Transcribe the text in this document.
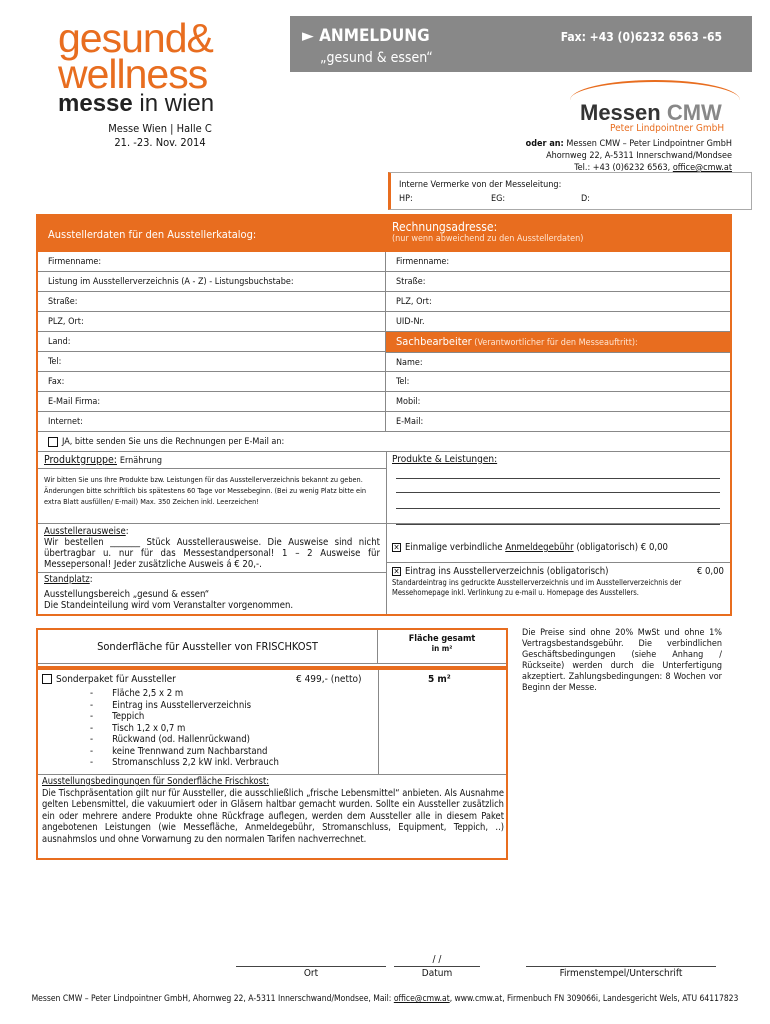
gesund&
wellness
messe in wien
Messe Wien | Halle C
21. -23. Nov. 2014
► ANMELDUNG	Fax: +43 (0)6232 6563 -65
„gesund & essen“
Messen CMW
Peter Lindpointner GmbH
oder an: Messen CMW – Peter Lindpointner GmbH
Ahornweg 22, A-5311 Innerschwand/Mondsee
Tel.: +43 (0)6232 6563, office@cmw.at
Interne Vermerke von der Messeleitung:
HP:	EG:	D:
Ausstellerdaten für den Ausstellerkatalog:
Rechnungsadresse:
(nur wenn abweichend zu den Ausstellerdaten)
Firmenname:
Listung im Ausstellerverzeichnis (A - Z) - Listungsbuchstabe:
Straße:
PLZ, Ort:
Land:
Tel:
Fax:
E-Mail Firma:
Internet:
Firmenname:
Straße:
PLZ, Ort:
UID-Nr.
Sachbearbeiter (Verantwortlicher für den Messeauftritt):
Name:
Tel:
Mobil:
E-Mail:
JA, bitte senden Sie uns die Rechnungen per E-Mail an:
Produktgruppe: Ernährung
Wir bitten Sie uns Ihre Produkte bzw. Leistungen für das Ausstellerverzeichnis bekannt zu geben. Änderungen bitte schriftlich bis spätestens 60 Tage vor Messebeginn. (Bei zu wenig Platz bitte ein extra Blatt ausfüllen/ E-mail) Max. 350 Zeichen inkl. Leerzeichen!
Produkte & Leistungen:
Ausstellerausweise:
Wir bestellen _______ Stück Ausstellerausweise. Die Ausweise sind nicht übertragbar u. nur für das Messestandpersonal! 1 – 2 Ausweise für Messepersonal! Jeder zusätzliche Ausweis á € 20,-.
Standplatz:
Ausstellungsbereich „gesund & essen“
Die Standeinteilung wird vom Veranstalter vorgenommen.
✕ Einmalige verbindliche Anmeldegebühr (obligatorisch) € 0,00
✕ Eintrag ins Ausstellerverzeichnis (obligatorisch)	€ 0,00
Standardeintrag ins gedruckte Ausstellerverzeichnis und im Ausstellerverzeichnis der Messehomepage inkl. Verlinkung zu e-mail u. Homepage des Ausstellers.
Sonderfläche für Aussteller von FRISCHKOST
Fläche gesamt
in m²
Sonderpaket für Aussteller	€ 499,- (netto)	5 m²
-       Fläche 2,5 x 2 m
-       Eintrag ins Ausstellerverzeichnis
-       Teppich
-       Tisch 1,2 x 0,7 m
-       Rückwand (od. Hallenrückwand)
-       keine Trennwand zum Nachbarstand
-       Stromanschluss 2,2 kW inkl. Verbrauch
Ausstellungsbedingungen für Sonderfläche Frischkost:
Die Tischpräsentation gilt nur für Aussteller, die ausschließlich „frische Lebensmittel“ anbieten. Als Ausnahme gelten Lebensmittel, die vakuumiert oder in Gläsern haltbar gemacht wurden. Sollte ein Aussteller zusätzlich ein oder mehrere andere Produkte ohne Rückfrage auflegen, werden dem Aussteller alle in diesem Paket angebotenen Leistungen (wie Messefläche, Anmeldegebühr, Stromanschluss, Equipment, Teppich, ..) ausnahmslos und ohne Vorwarnung zu den normalen Tarifen nachverrechnet.
Die Preise sind ohne 20% MwSt und ohne 1% Vertragsbestandsgebühr. Die verbindlichen Geschäftsbedingungen (siehe Anhang / Rückseite) werden durch die Unterfertigung akzeptiert. Zahlungsbedingungen: 8 Wochen vor Beginn der Messe.
Ort
/ /
Datum	Firmenstempel/Unterschrift
Messen CMW – Peter Lindpointner GmbH, Ahornweg 22, A-5311 Innerschwand/Mondsee, Mail: office@cmw.at, www.cmw.at, Firmenbuch FN 309066i, Landesgericht Wels, ATU 64117823
